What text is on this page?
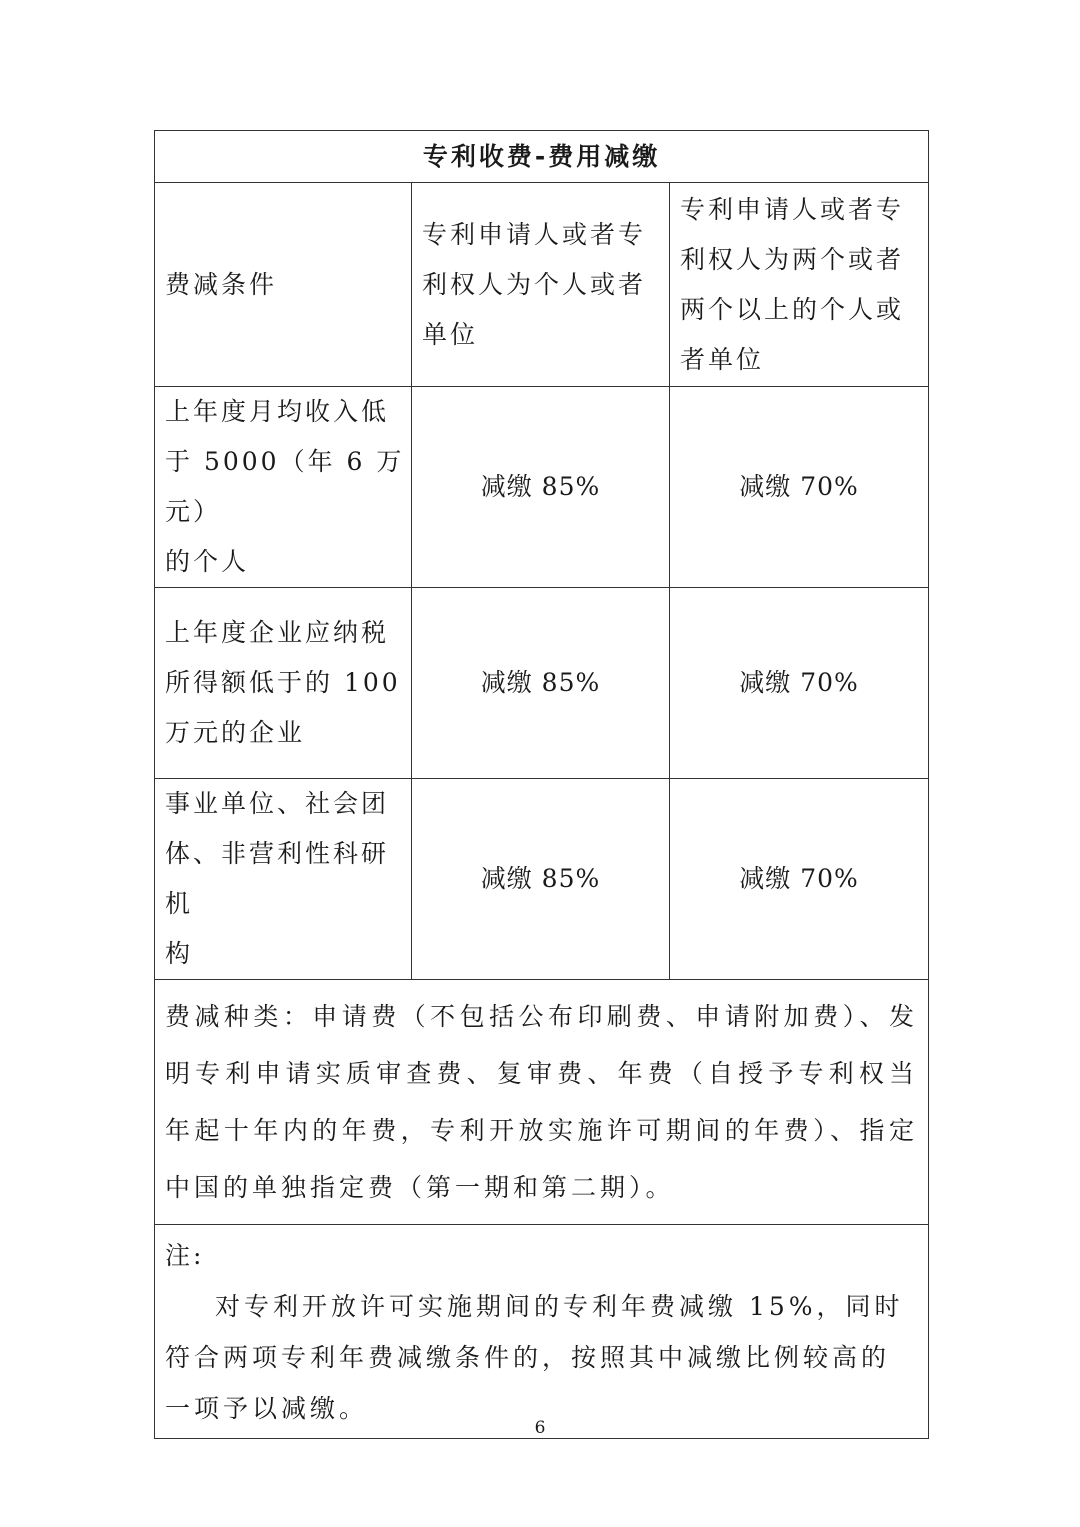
专利收费-费用减缴		
费减条件	专利申请人或者专
利权人为个人或者
单位	专利申请人或者专
利权人为两个或者
两个以上的个人或
者单位

上年度月均收入低
于 5000（年 6 万元）
的个人	减缴 85%	减缴 70%

上年度企业应纳税
所得额低于的 100
万元的企业	减缴 85%	减缴 70%

事业单位、社会团
体、非营利性科研机
构	减缴 85%	减缴 70%
费减种类：申请费（不包括公布印刷费、申请附加费）、发明专利申请实质审查费、复审费、年费（自授予专利权当年起十年内的年费，专利开放实施许可期间的年费）、指定中国的单独指定费（第一期和第二期）。		

注:
对专利开放许可实施期间的专利年费减缴 15%，同时符合两项专利年费减缴条件的，按照其中减缴比例较高的一项予以减缴。		
6
